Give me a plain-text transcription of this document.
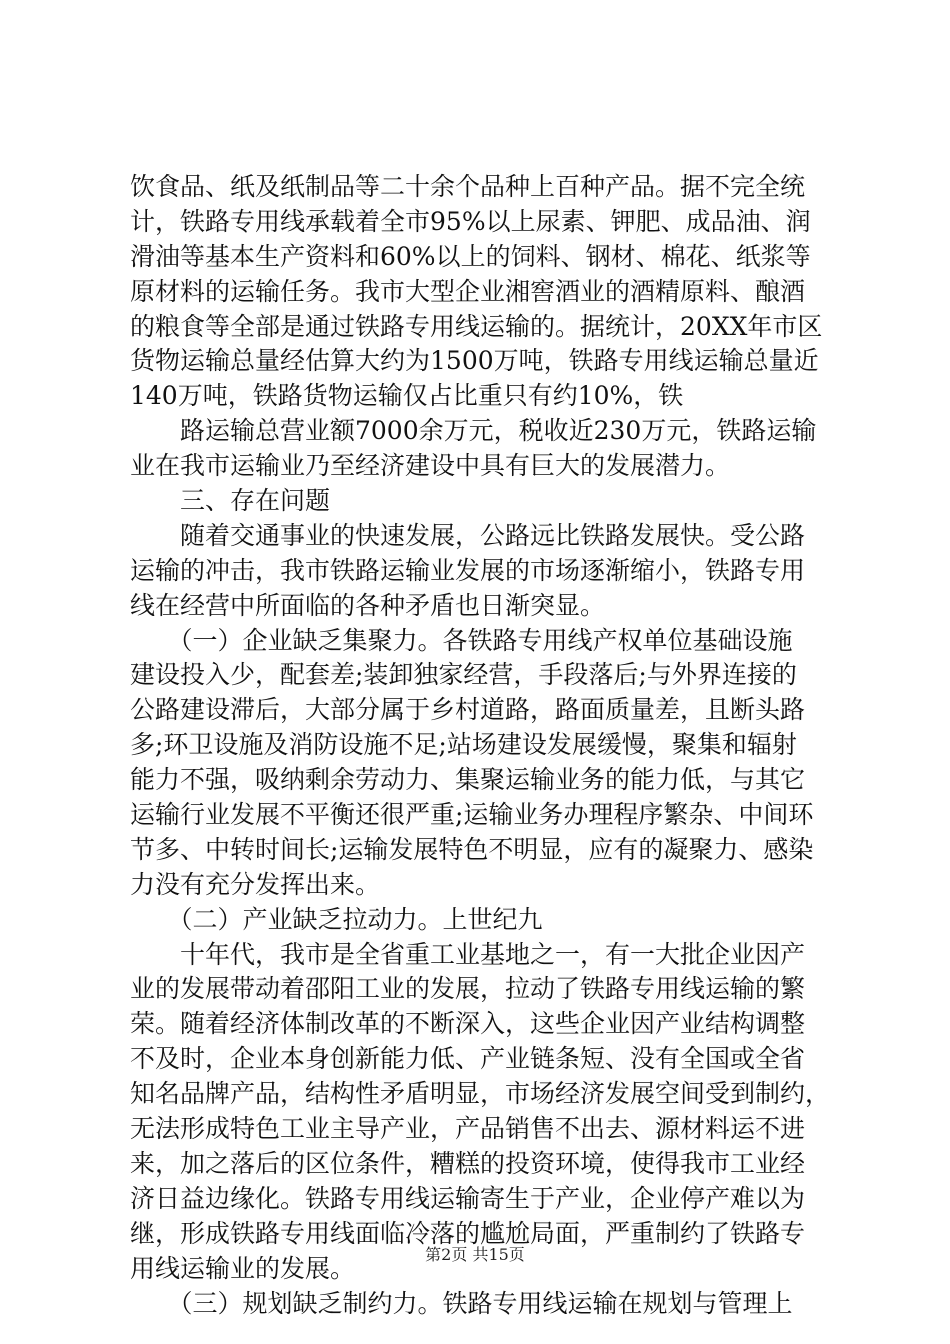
饮食品、纸及纸制品等二十余个品种上百种产品。据不完全统
计，铁路专用线承载着全市95%以上尿素、钾肥、成品油、润
滑油等基本生产资料和60%以上的饲料、钢材、棉花、纸浆等
原材料的运输任务。我市大型企业湘窖酒业的酒精原料、酿酒
的粮食等全部是通过铁路专用线运输的。据统计，20XX年市区
货物运输总量经估算大约为1500万吨，铁路专用线运输总量近
140万吨，铁路货物运输仅占比重只有约10%，铁
　　路运输总营业额7000余万元，税收近230万元，铁路运输
业在我市运输业乃至经济建设中具有巨大的发展潜力。
　　三、存在问题
　　随着交通事业的快速发展，公路远比铁路发展快。受公路
运输的冲击，我市铁路运输业发展的市场逐渐缩小，铁路专用
线在经营中所面临的各种矛盾也日渐突显。
　　（一）企业缺乏集聚力。各铁路专用线产权单位基础设施
建设投入少，配套差;装卸独家经营，手段落后;与外界连接的
公路建设滞后，大部分属于乡村道路，路面质量差，且断头路
多;环卫设施及消防设施不足;站场建设发展缓慢，聚集和辐射
能力不强，吸纳剩余劳动力、集聚运输业务的能力低，与其它
运输行业发展不平衡还很严重;运输业务办理程序繁杂、中间环
节多、中转时间长;运输发展特色不明显，应有的凝聚力、感染
力没有充分发挥出来。
　　（二）产业缺乏拉动力。上世纪九
　　十年代，我市是全省重工业基地之一，有一大批企业因产
业的发展带动着邵阳工业的发展，拉动了铁路专用线运输的繁
荣。随着经济体制改革的不断深入，这些企业因产业结构调整
不及时，企业本身创新能力低、产业链条短、没有全国或全省
知名品牌产品，结构性矛盾明显，市场经济发展空间受到制约，
无法形成特色工业主导产业，产品销售不出去、源材料运不进
来，加之落后的区位条件，糟糕的投资环境，使得我市工业经
济日益边缘化。铁路专用线运输寄生于产业，企业停产难以为
继，形成铁路专用线面临冷落的尴尬局面，严重制约了铁路专
用线运输业的发展。
　　（三）规划缺乏制约力。铁路专用线运输在规划与管理上
第2页 共15页
